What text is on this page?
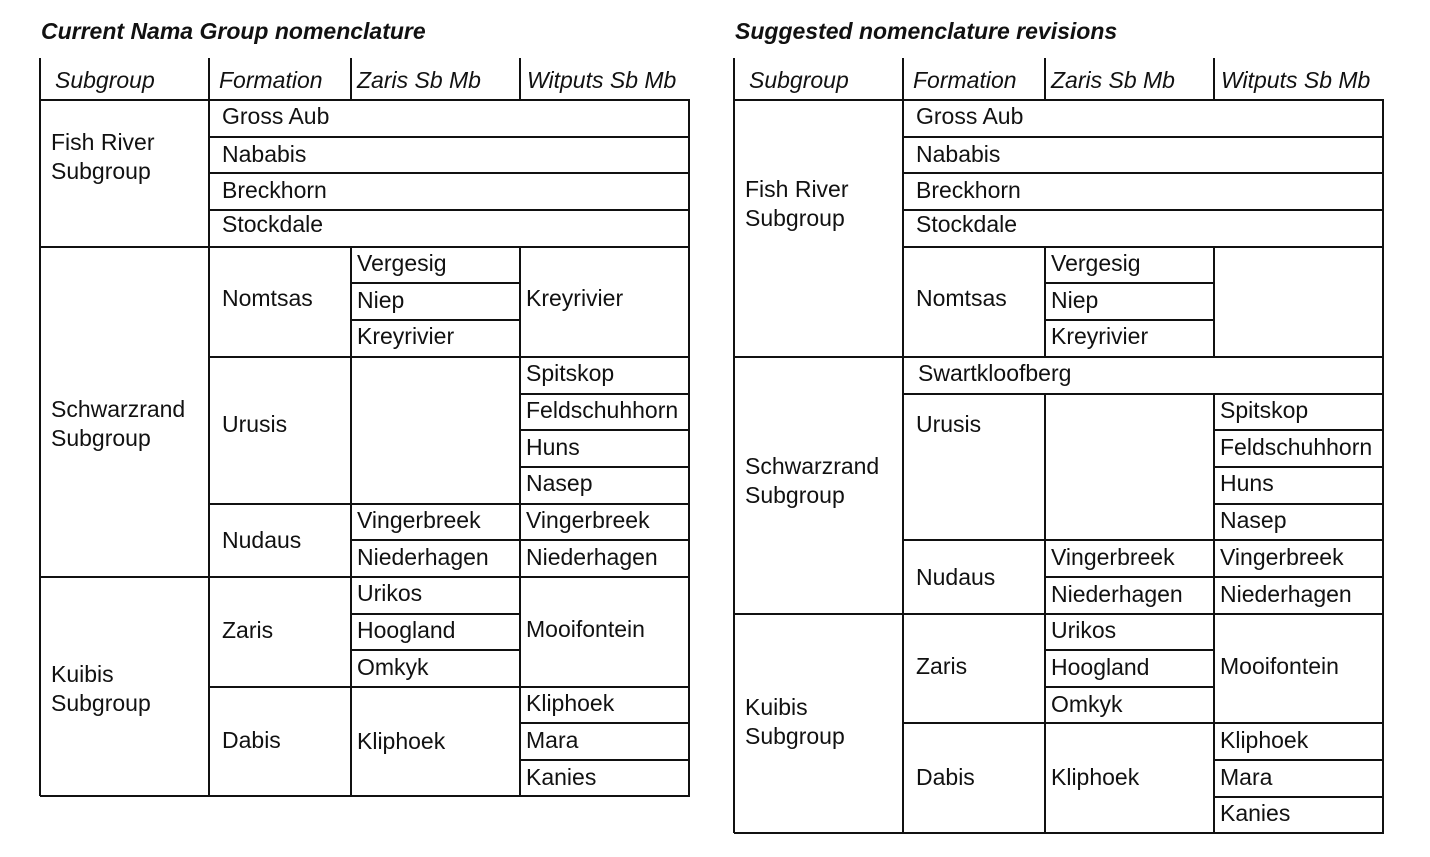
Current Nama Group nomenclature
Subgroup	Formation Zaris Sb Mb Witputs Sb Mb
Fish River
Subgroup
Schwarzrand
Subgroup
Kuibis
Subgroup
Gross Aub
Nababis
Breckhorn
Stockdale
Nomtsas
Urusis
Nudaus
Zaris
Dabis
Vergesig
Niep
Kreyrivier
Vingerbreek
Niederhagen
Urikos
Hoogland
Omkyk
Kliphoek
Kreyrivier
Spitskop
Feldschuhhorn
Huns
Nasep
Vingerbreek
Niederhagen
Mooifontein
Kliphoek
Mara
Kanies
Suggested nomenclature revisions
Subgroup	Formation Zaris Sb Mb Witputs Sb Mb
Fish River
Subgroup
Schwarzrand
Subgroup
Kuibis
Subgroup
Gross Aub
Nababis
Breckhorn
Stockdale
Nomtsas
Swartkloofberg
Urusis
Nudaus
Zaris
Dabis
Vergesig
Niep
Kreyrivier
Vingerbreek
Niederhagen
Urikos
Hoogland
Omkyk
Kliphoek
Spitskop
Feldschuhhorn
Huns
Nasep
Vingerbreek
Niederhagen
Mooifontein
Kliphoek
Mara
Kanies
